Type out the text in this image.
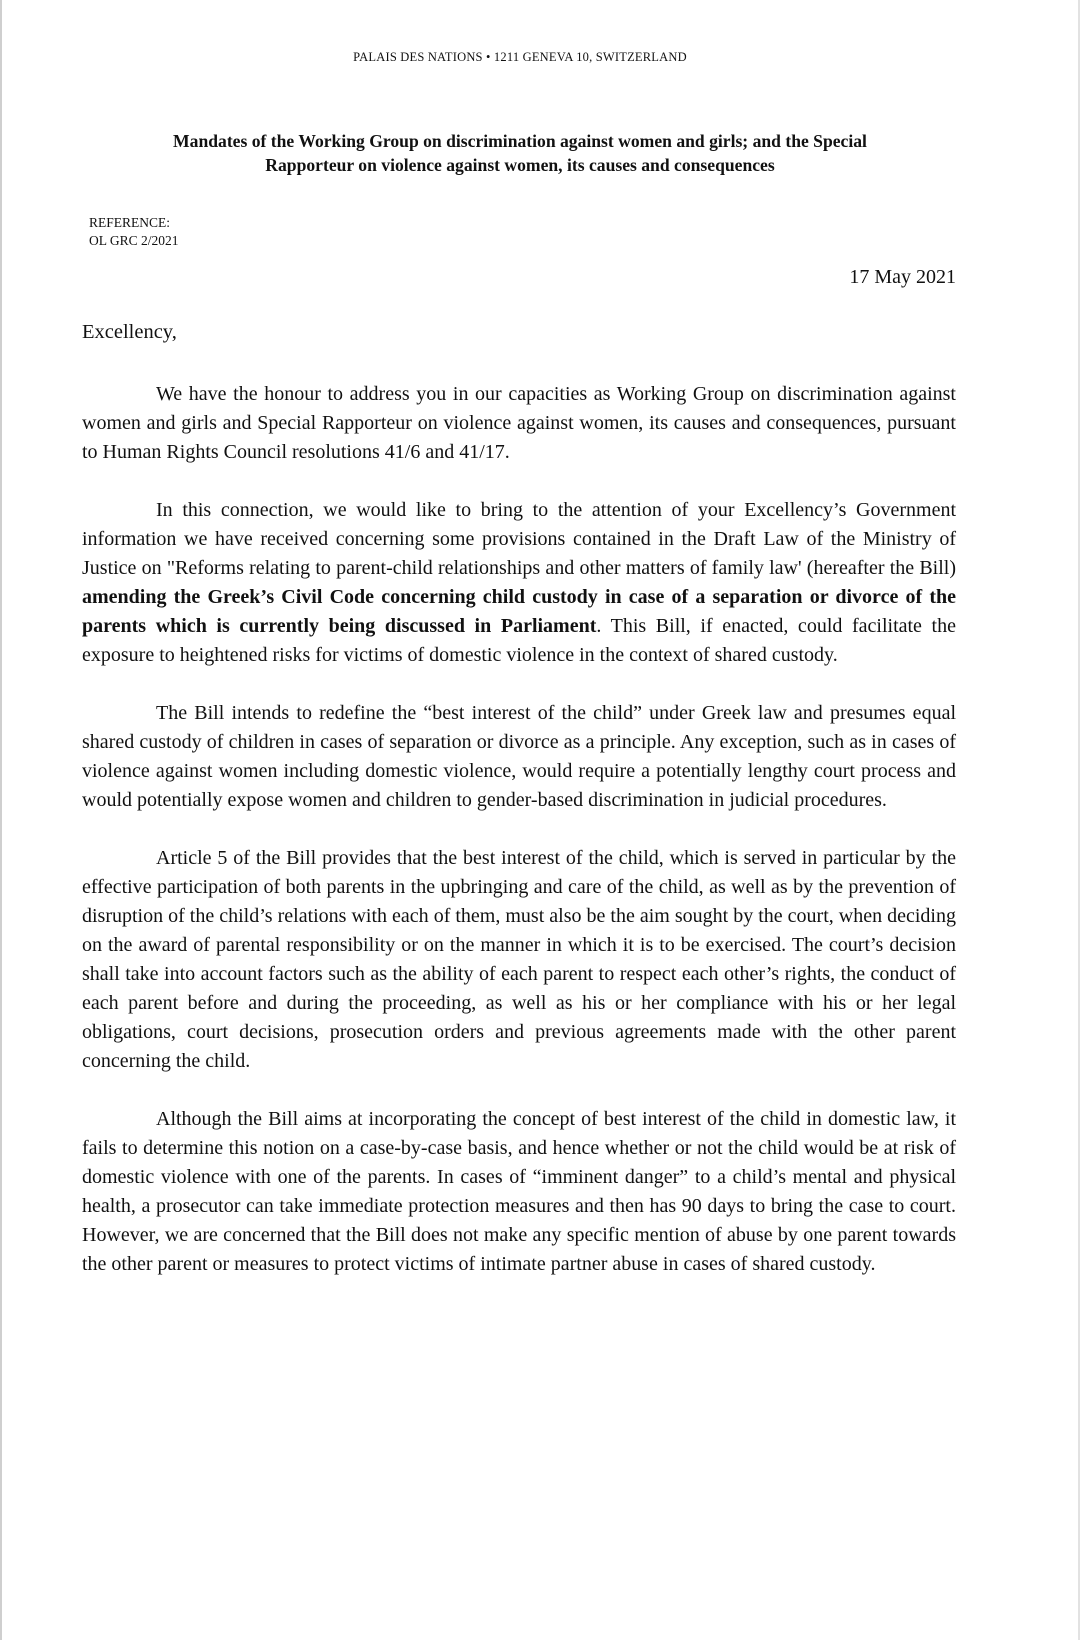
PALAIS DES NATIONS • 1211 GENEVA 10, SWITZERLAND
Mandates of the Working Group on discrimination against women and girls; and the Special
Rapporteur on violence against women, its causes and consequences
REFERENCE:
OL GRC 2/2021
17 May 2021
Excellency,

We have the honour to address you in our capacities as Working Group on discrimination against women and girls and Special Rapporteur on violence against women, its causes and consequences, pursuant to Human Rights Council resolutions 41/6 and 41/17.

In this connection, we would like to bring to the attention of your Excellency’s Government information we have received concerning some provisions contained in the Draft Law of the Ministry of Justice on "Reforms relating to parent-child relationships and other matters of family law' (hereafter the Bill) amending the Greek’s Civil Code concerning child custody in case of a separation or divorce of the parents which is currently being discussed in Parliament. This Bill, if enacted, could facilitate the exposure to heightened risks for victims of domestic violence in the context of shared custody.

The Bill intends to redefine the “best interest of the child” under Greek law and presumes equal shared custody of children in cases of separation or divorce as a principle. Any exception, such as in cases of violence against women including domestic violence, would require a potentially lengthy court process and would potentially expose women and children to gender-based discrimination in judicial procedures.

Article 5 of the Bill provides that the best interest of the child, which is served in particular by the effective participation of both parents in the upbringing and care of the child, as well as by the prevention of disruption of the child’s relations with each of them, must also be the aim sought by the court, when deciding on the award of parental responsibility or on the manner in which it is to be exercised. The court’s decision shall take into account factors such as the ability of each parent to respect each other’s rights, the conduct of each parent before and during the proceeding, as well as his or her compliance with his or her legal obligations, court decisions, prosecution orders and previous agreements made with the other parent concerning the child.

Although the Bill aims at incorporating the concept of best interest of the child in domestic law, it fails to determine this notion on a case-by-case basis, and hence whether or not the child would be at risk of domestic violence with one of the parents. In cases of “imminent danger” to a child’s mental and physical health, a prosecutor can take immediate protection measures and then has 90 days to bring the case to court. However, we are concerned that the Bill does not make any specific mention of abuse by one parent towards the other parent or measures to protect victims of intimate partner abuse in cases of shared custody.
